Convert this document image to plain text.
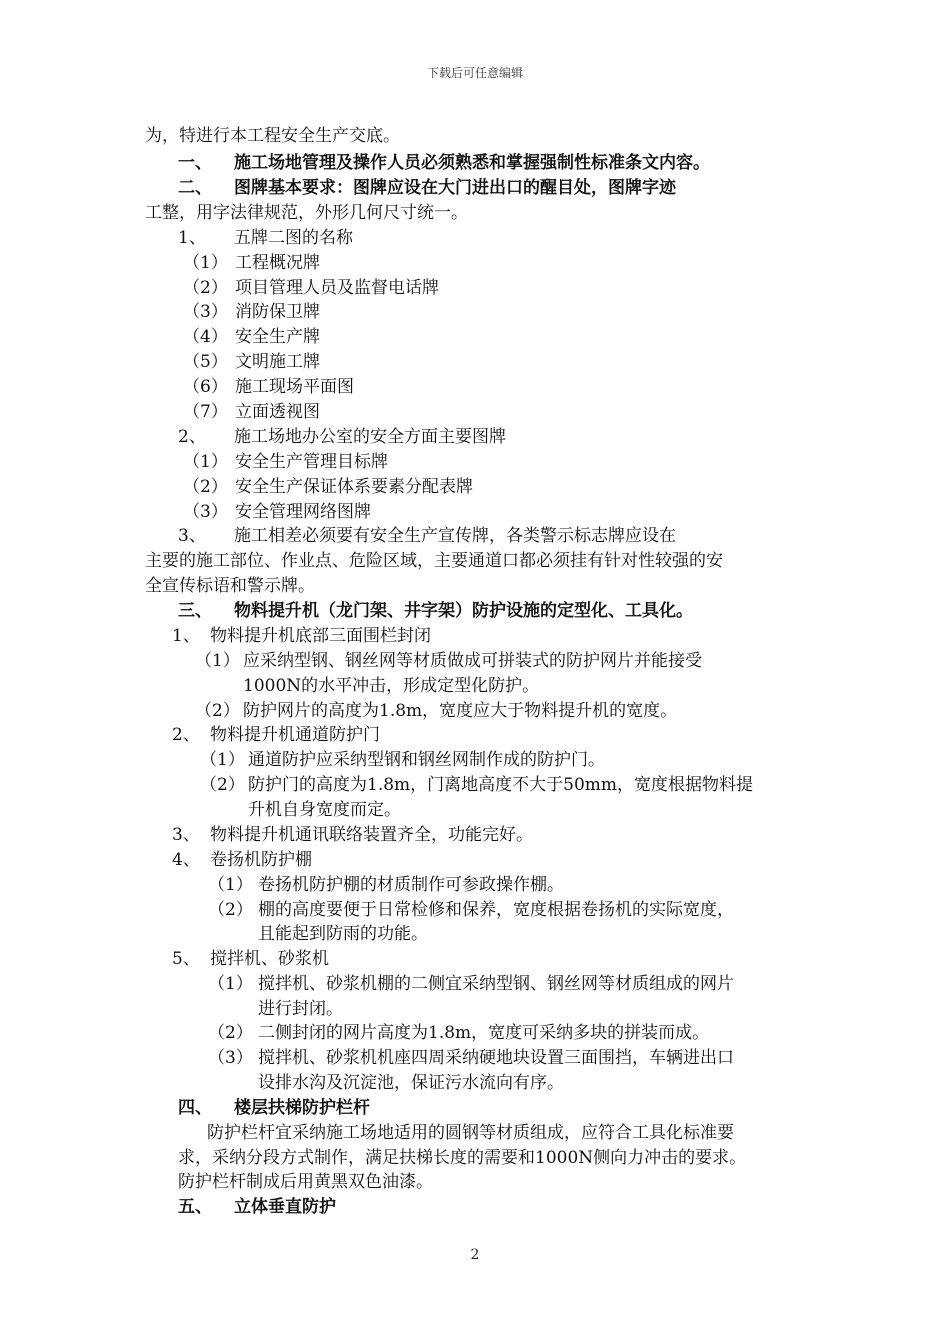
下载后可任意编辑
为，特进行本工程安全生产交底。
一、 施工场地管理及操作人员必须熟悉和掌握强制性标准条文内容。
二、 图牌基本要求：图牌应设在大门进出口的醒目处，图牌字迹
工整，用字法律规范，外形几何尺寸统一。
1、 五牌二图的名称
（1） 工程概况牌
（2） 项目管理人员及监督电话牌
（3） 消防保卫牌
（4） 安全生产牌
（5） 文明施工牌
（6） 施工现场平面图
（7） 立面透视图
2、 施工场地办公室的安全方面主要图牌
（1） 安全生产管理目标牌
（2） 安全生产保证体系要素分配表牌
（3） 安全管理网络图牌
3、 施工相差必须要有安全生产宣传牌，各类警示标志牌应设在
主要的施工部位、作业点、危险区域，主要通道口都必须挂有针对性较强的安
全宣传标语和警示牌。
三、 物料提升机（龙门架、井字架）防护设施的定型化、工具化。
1、 物料提升机底部三面围栏封闭
（1） 应采纳型钢、钢丝网等材质做成可拼装式的防护网片并能接受
1000N的水平冲击，形成定型化防护。
（2） 防护网片的高度为1.8m，宽度应大于物料提升机的宽度。
2、 物料提升机通道防护门
（1） 通道防护应采纳型钢和钢丝网制作成的防护门。
（2） 防护门的高度为1.8m，门离地高度不大于50mm，宽度根据物料提
升机自身宽度而定。
3、 物料提升机通讯联络装置齐全，功能完好。
4、 卷扬机防护棚
（1） 卷扬机防护棚的材质制作可参政操作棚。
（2） 棚的高度要便于日常检修和保养，宽度根据卷扬机的实际宽度，
且能起到防雨的功能。
5、 搅拌机、砂浆机
（1） 搅拌机、砂浆机棚的二侧宜采纳型钢、钢丝网等材质组成的网片
进行封闭。
（2） 二侧封闭的网片高度为1.8m，宽度可采纳多块的拼装而成。
（3） 搅拌机、砂浆机机座四周采纳硬地块设置三面围挡，车辆进出口
设排水沟及沉淀池，保证污水流向有序。
四、 楼层扶梯防护栏杆
防护栏杆宜采纳施工场地适用的圆钢等材质组成，应符合工具化标准要
求，采纳分段方式制作，满足扶梯长度的需要和1000N侧向力冲击的要求。
防护栏杆制成后用黄黑双色油漆。
五、 立体垂直防护
2
